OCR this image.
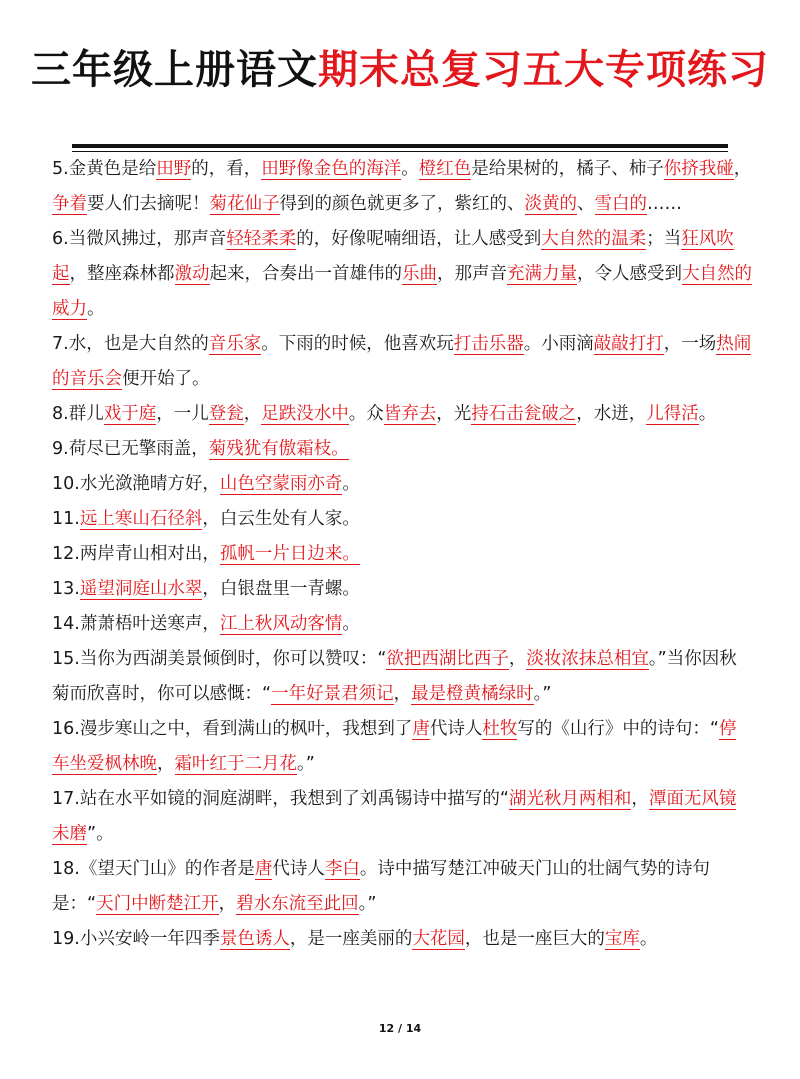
三年级上册语文期末总复习五大专项练习

5.金黄色是给田野的，看，田野像金色的海洋。橙红色是给果树的，橘子、柿子你挤我碰，争着要人们去摘呢！菊花仙子得到的颜色就更多了，紫红的、淡黄的、雪白的……

6.当微风拂过，那声音轻轻柔柔的，好像呢喃细语，让人感受到大自然的温柔；当狂风吹起，整座森林都激动起来，合奏出一首雄伟的乐曲，那声音充满力量，令人感受到大自然的威力。

7.水，也是大自然的音乐家。下雨的时候，他喜欢玩打击乐器。小雨滴敲敲打打，一场热闹的音乐会便开始了。

8.群儿戏于庭，一儿登瓮，足跌没水中。众皆弃去，光持石击瓮破之，水迸，儿得活。

9.荷尽已无擎雨盖，菊残犹有傲霜枝。

10.水光潋滟晴方好，山色空蒙雨亦奇。

11.远上寒山石径斜，白云生处有人家。

12.两岸青山相对出，孤帆一片日边来。

13.遥望洞庭山水翠，白银盘里一青螺。

14.萧萧梧叶送寒声，江上秋风动客情。

15.当你为西湖美景倾倒时，你可以赞叹：“欲把西湖比西子，淡妆浓抹总相宜。”当你因秋菊而欣喜时，你可以感慨：“一年好景君须记，最是橙黄橘绿时。”

16.漫步寒山之中，看到满山的枫叶，我想到了唐代诗人杜牧写的《山行》中的诗句：“停车坐爱枫林晚，霜叶红于二月花。”

17.站在水平如镜的洞庭湖畔，我想到了刘禹锡诗中描写的“湖光秋月两相和，潭面无风镜未磨”。

18.《望天门山》的作者是唐代诗人李白。诗中描写楚江冲破天门山的壮阔气势的诗句是：“天门中断楚江开，碧水东流至此回。”

19.小兴安岭一年四季景色诱人，是一座美丽的大花园，也是一座巨大的宝库。

12 / 14
